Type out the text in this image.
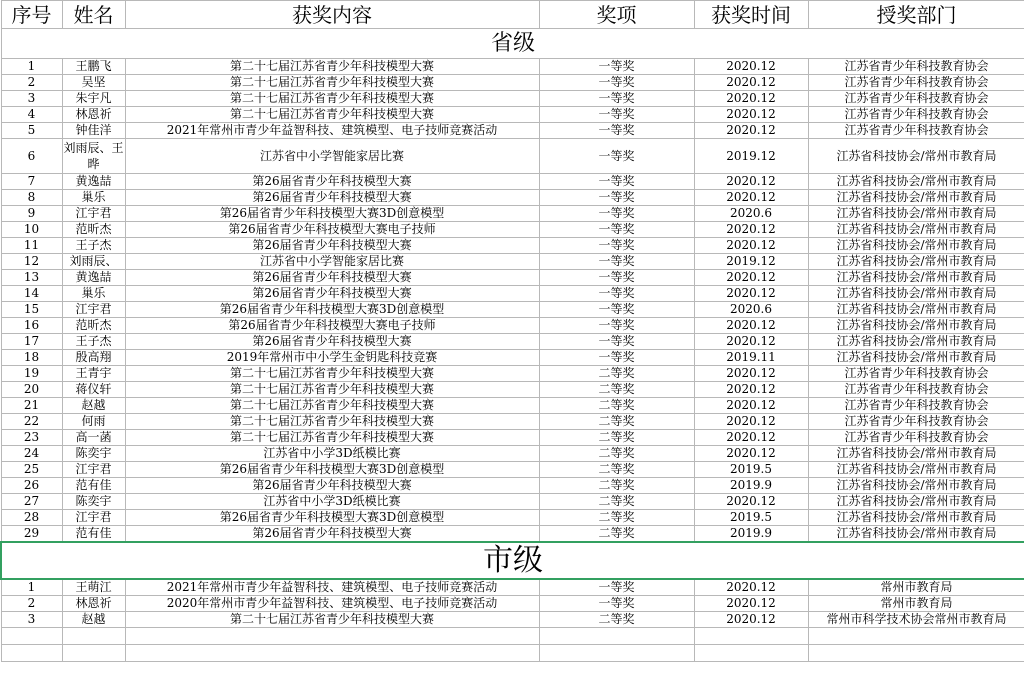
序号	姓名	获奖内容	奖项	获奖时间	授奖部门
省级					
1	王鹏飞	第二十七届江苏省青少年科技模型大赛	一等奖	2020.12	江苏省青少年科技教育协会
2	吴坚	第二十七届江苏省青少年科技模型大赛	一等奖	2020.12	江苏省青少年科技教育协会
3	朱宇凡	第二十七届江苏省青少年科技模型大赛	一等奖	2020.12	江苏省青少年科技教育协会
4	林恩祈	第二十七届江苏省青少年科技模型大赛	一等奖	2020.12	江苏省青少年科技教育协会
5	钟佳洋	2021年常州市青少年益智科技、建筑模型、电子技师竞赛活动	一等奖	2020.12	江苏省青少年科技教育协会
6	刘雨辰、王晔	江苏省中小学智能家居比赛	一等奖	2019.12	江苏省科技协会/常州市教育局
7	黄逸喆	第26届省青少年科技模型大赛	一等奖	2020.12	江苏省科技协会/常州市教育局
8	巢乐	第26届省青少年科技模型大赛	一等奖	2020.12	江苏省科技协会/常州市教育局
9	江宇君	第26届省青少年科技模型大赛3D创意模型	一等奖	2020.6	江苏省科技协会/常州市教育局
10	范昕杰	第26届省青少年科技模型大赛电子技师	一等奖	2020.12	江苏省科技协会/常州市教育局
11	王子杰	第26届省青少年科技模型大赛	一等奖	2020.12	江苏省科技协会/常州市教育局
12	刘雨辰、	江苏省中小学智能家居比赛	一等奖	2019.12	江苏省科技协会/常州市教育局
13	黄逸喆	第26届省青少年科技模型大赛	一等奖	2020.12	江苏省科技协会/常州市教育局
14	巢乐	第26届省青少年科技模型大赛	一等奖	2020.12	江苏省科技协会/常州市教育局
15	江宇君	第26届省青少年科技模型大赛3D创意模型	一等奖	2020.6	江苏省科技协会/常州市教育局
16	范昕杰	第26届省青少年科技模型大赛电子技师	一等奖	2020.12	江苏省科技协会/常州市教育局
17	王子杰	第26届省青少年科技模型大赛	一等奖	2020.12	江苏省科技协会/常州市教育局
18	殷高翔	2019年常州市中小学生金钥匙科技竞赛	一等奖	2019.11	江苏省科技协会/常州市教育局
19	王青宇	第二十七届江苏省青少年科技模型大赛	二等奖	2020.12	江苏省青少年科技教育协会
20	蒋仪轩	第二十七届江苏省青少年科技模型大赛	二等奖	2020.12	江苏省青少年科技教育协会
21	赵越	第二十七届江苏省青少年科技模型大赛	二等奖	2020.12	江苏省青少年科技教育协会
22	何雨	第二十七届江苏省青少年科技模型大赛	二等奖	2020.12	江苏省青少年科技教育协会
23	高一菡	第二十七届江苏省青少年科技模型大赛	二等奖	2020.12	江苏省青少年科技教育协会
24	陈奕宇	江苏省中小学3D纸模比赛	二等奖	2020.12	江苏省科技协会/常州市教育局
25	江宇君	第26届省青少年科技模型大赛3D创意模型	二等奖	2019.5	江苏省科技协会/常州市教育局
26	范有佳	第26届省青少年科技模型大赛	二等奖	2019.9	江苏省科技协会/常州市教育局
27	陈奕宇	江苏省中小学3D纸模比赛	二等奖	2020.12	江苏省科技协会/常州市教育局
28	江宇君	第26届省青少年科技模型大赛3D创意模型	二等奖	2019.5	江苏省科技协会/常州市教育局
29	范有佳	第26届省青少年科技模型大赛	二等奖	2019.9	江苏省科技协会/常州市教育局
市级					
1	王萌江	2021年常州市青少年益智科技、建筑模型、电子技师竞赛活动	一等奖	2020.12	常州市教育局
2	林恩祈	2020年常州市青少年益智科技、建筑模型、电子技师竞赛活动	一等奖	2020.12	常州市教育局
3	赵越	第二十七届江苏省青少年科技模型大赛	二等奖	2020.12	常州市科学技术协会常州市教育局
